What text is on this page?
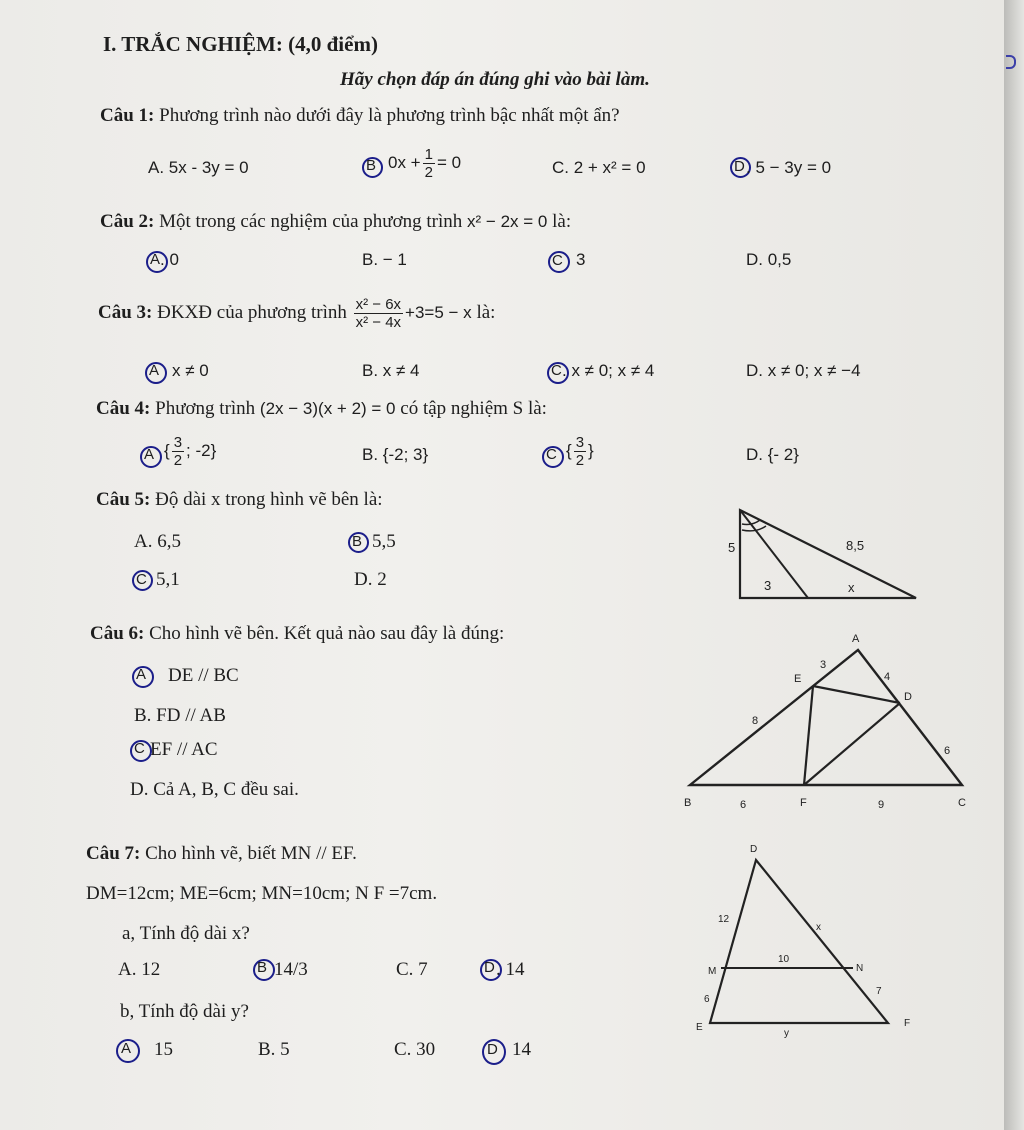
I. TRẮC NGHIỆM: (4,0 điểm)
Hãy chọn đáp án đúng ghi vào bài làm.
Câu 1: Phương trình nào dưới đây là phương trình bậc nhất một ẩn?
A. 5x - 3y = 0	B $0x + \frac{1}{2} = 0$	C. 2 + x² = 0	D . 5 − 3y = 0
Câu 2: Một trong các nghiệm của phương trình x² − 2x = 0 là:
A . 0	B. − 1	C 3	D. 0,5
Câu 3: ĐKXĐ của phương trình $\frac{\text{x² − 6x}}{\text{x² − 4x}} +3=5 - x$ là:
A x ≠ 0	B. x ≠ 4	C . x ≠ 0; x ≠ 4	D. x ≠ 0; x ≠ −4
Câu 4: Phương trình (2x − 3)(x + 2) = 0 có tập nghiệm S là:
A { $\frac{3}{2}$ ; -2}	B. {-2; 3}	C { $\frac{3}{2}$ }	D. {- 2}
Câu 5: Độ dài x trong hình vẽ bên là:
A. 6,5	B 5,5
C 5,1	D. 2
5	8,5
3	x
Câu 6: Cho hình vẽ bên. Kết quả nào sau đây là đúng:
A DE // BC
B. FD // AB
C EF // AC
D. Cả A, B, C đều sai.
A
E
D
B	F	C
3
4
8
6
6	9
Câu 7: Cho hình vẽ, biết MN // EF.
DM=12cm; ME=6cm; MN=10cm; N F =7cm.
a, Tính độ dài x?
A. 12	B 14/3	C. 7	D . 14
b, Tính độ dài y?
A 15	B. 5	C. 30	D 14
D
M	N
E	F
12
x
10
6
7
y
